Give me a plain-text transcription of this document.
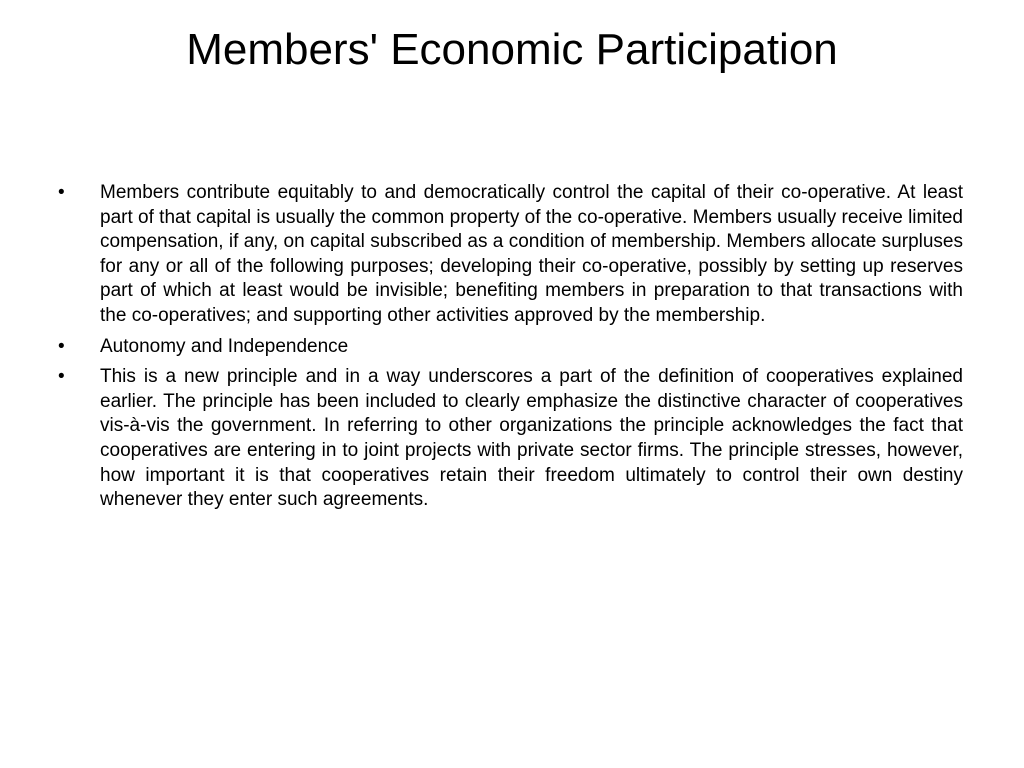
Members' Economic Participation
•	Members contribute equitably to and democratically control the capital of their co-operative. At least part of that capital is usually the common property of the co-operative. Members usually receive limited compensation, if any, on capital subscribed as a condition of membership. Members allocate surpluses for any or all of the following purposes; developing their co-operative, possibly by setting up reserves part of which at least would be invisible; benefiting members in preparation to that transactions with the co-operatives; and supporting other activities approved by the membership.
•	Autonomy and Independence
•	This is a new principle and in a way underscores a part of the definition of cooperatives explained earlier. The principle has been included to clearly emphasize the distinctive character of cooperatives vis-à-vis the government. In referring to other organizations the principle acknowledges the fact that cooperatives are entering in to joint projects with private sector firms. The principle stresses, however, how important it is that cooperatives retain their freedom ultimately to control their own destiny whenever they enter such agreements.
